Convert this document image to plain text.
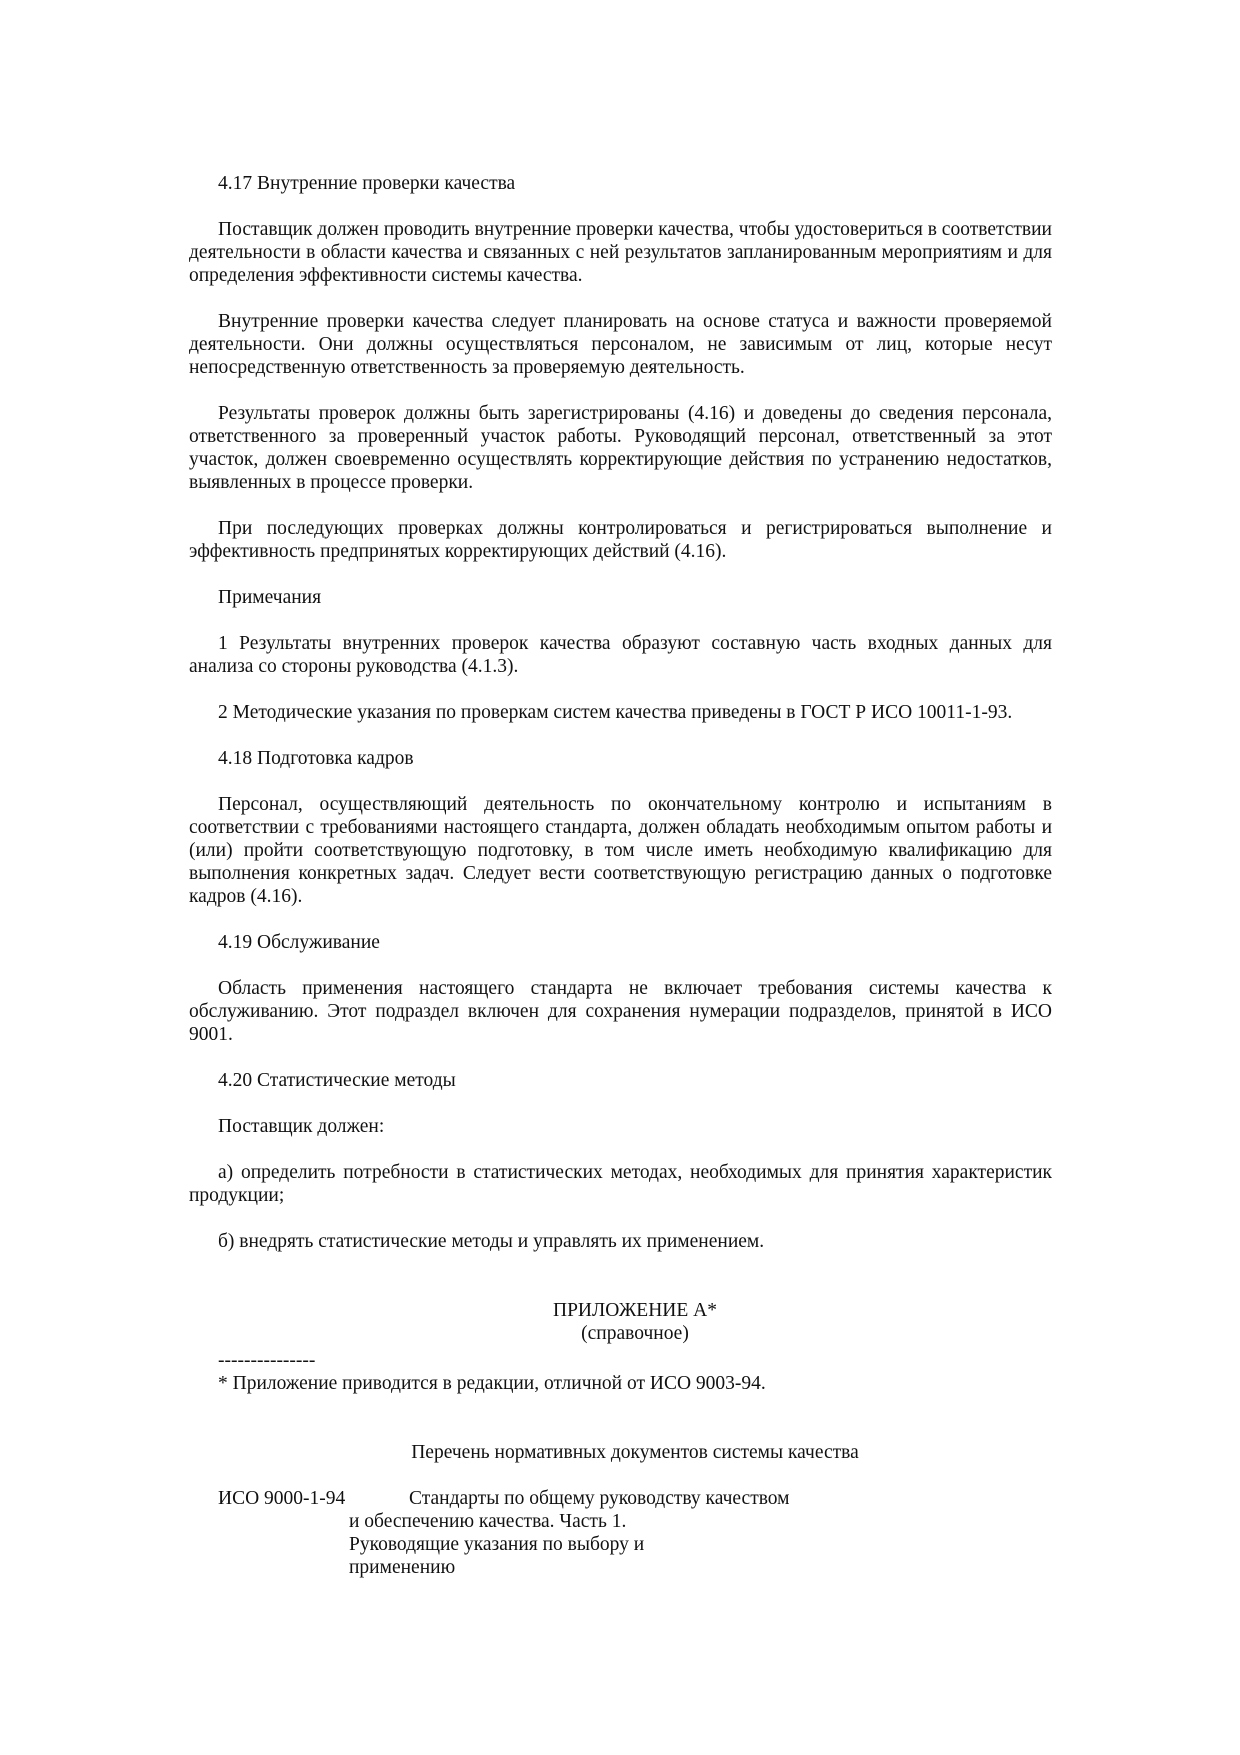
4.17 Внутренние проверки качества

Поставщик должен проводить внутренние проверки качества, чтобы удостовериться в соответствии деятельности в области качества и связанных с ней результатов запланированным мероприятиям и для определения эффективности системы качества.

Внутренние проверки качества следует планировать на основе статуса и важности проверяемой деятельности. Они должны осуществляться персоналом, не зависимым от лиц, которые несут непосредственную ответственность за проверяемую деятельность.

Результаты проверок должны быть зарегистрированы (4.16) и доведены до сведения персонала, ответственного за проверенный участок работы. Руководящий персонал, ответственный за этот участок, должен своевременно осуществлять корректирующие действия по устранению недостатков, выявленных в процессе проверки.

При последующих проверках должны контролироваться и регистрироваться выполнение и эффективность предпринятых корректирующих действий (4.16).

Примечания

1 Результаты внутренних проверок качества образуют составную часть входных данных для анализа со стороны руководства (4.1.3).

2 Методические указания по проверкам систем качества приведены в ГОСТ Р ИСО 10011-1-93.

4.18 Подготовка кадров

Персонал, осуществляющий деятельность по окончательному контролю и испытаниям в соответствии с требованиями настоящего стандарта, должен обладать необходимым опытом работы и (или) пройти соответствующую подготовку, в том числе иметь необходимую квалификацию для выполнения конкретных задач. Следует вести соответствующую регистрацию данных о подготовке кадров (4.16).

4.19 Обслуживание

Область применения настоящего стандарта не включает требования системы качества к обслуживанию. Этот подраздел включен для сохранения нумерации подразделов, принятой в ИСО 9001.

4.20 Статистические методы

Поставщик должен:

а) определить потребности в статистических методах, необходимых для принятия характеристик продукции;

б) внедрять статистические методы и управлять их применением.

ПРИЛОЖЕНИЕ А*
(справочное)
---------------
* Приложение приводится в редакции, отличной от ИСО 9003-94.
Перечень нормативных документов системы качества
ИСО 9000-1-94	Стандарты по общему руководству качеством
и обеспечению качества. Часть 1.
Руководящие указания по выбору и
применению
